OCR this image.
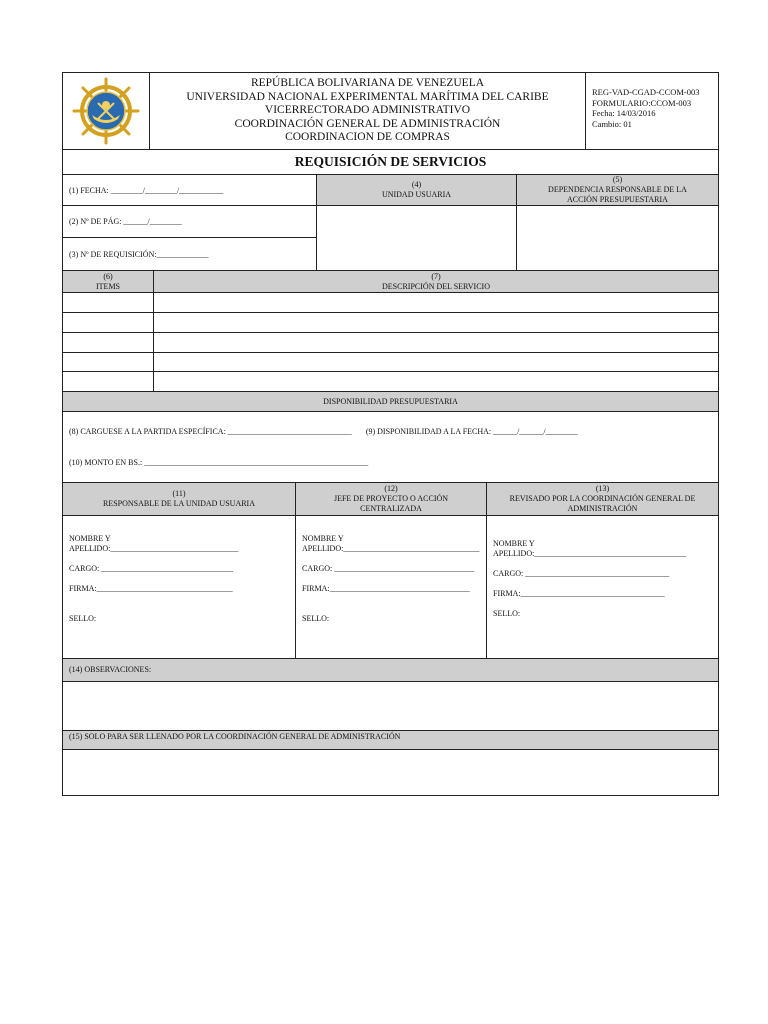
REPÚBLICA BOLIVARIANA DE VENEZUELA
UNIVERSIDAD NACIONAL EXPERIMENTAL MARÍTIMA DEL CARIBE
VICERRECTORADO ADMINISTRATIVO
COORDINACIÓN GENERAL DE ADMINISTRACIÓN
COORDINACION DE COMPRAS
REG-VAD-CGAD-CCOM-003
FORMULARIO:CCOM-003
Fecha: 14/03/2016
Cambio: 01
REQUISICIÓN DE SERVICIOS
(1) FECHA: ________/________/___________
(2) Nº DE PÁG: ______/________
(3) Nº DE REQUISICIÓN:_____________
(4)
UNIDAD USUARIA
(5)
DEPENDENCIA RESPONSABLE DE LA ACCIÓN PRESUPUESTARIA
(6)
ITEMS
(7)
DESCRIPCIÓN DEL SERVICIO
DISPONIBILIDAD PRESUPUESTARIA
(8) CARGUESE A LA PARTIDA ESPECÍFICA: _______________________________ (9) DISPONIBILIDAD A LA FECHA: ______/______/________
(10) MONTO EN BS.: ________________________________________________________
(11)
RESPONSABLE DE LA UNIDAD USUARIA
(12)
JEFE DE PROYECTO O ACCIÓN CENTRALIZADA
(13)
REVISADO POR LA COORDINACIÓN GENERAL DE ADMINISTRACIÓN
NOMBRE Y
APELLIDO:________________________________
CARGO: _________________________________
FIRMA:__________________________________
SELLO:
NOMBRE Y
APELLIDO:__________________________________
CARGO: ___________________________________
FIRMA:___________________________________
SELLO:
NOMBRE Y
APELLIDO:______________________________________
CARGO: ____________________________________
FIRMA:____________________________________
SELLO:
(14) OBSERVACIONES:
(15) SOLO PARA SER LLENADO POR LA COORDINACIÓN GENERAL DE ADMINISTRACIÓN
